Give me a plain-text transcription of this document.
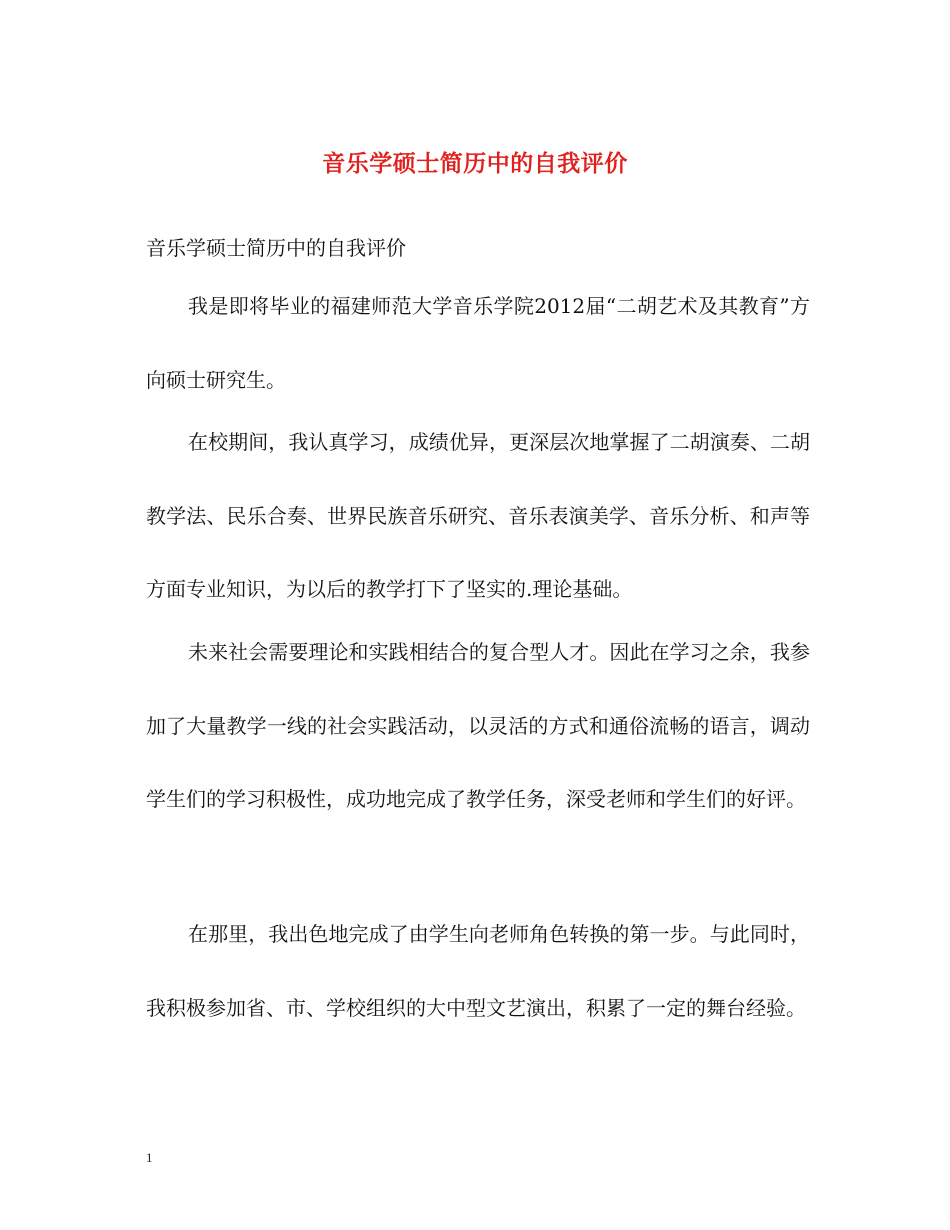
音乐学硕士简历中的自我评价
音乐学硕士简历中的自我评价

我是即将毕业的福建师范大学音乐学院2012届“二胡艺术及其教育”方向硕士研究生。

在校期间，我认真学习，成绩优异，更深层次地掌握了二胡演奏、二胡教学法、民乐合奏、世界民族音乐研究、音乐表演美学、音乐分析、和声等方面专业知识，为以后的教学打下了坚实的.理论基础。

未来社会需要理论和实践相结合的复合型人才。因此在学习之余，我参加了大量教学一线的社会实践活动，以灵活的方式和通俗流畅的语言，调动学生们的学习积极性，成功地完成了教学任务，深受老师和学生们的好评。

在那里，我出色地完成了由学生向老师角色转换的第一步。与此同时，我积极参加省、市、学校组织的大中型文艺演出，积累了一定的舞台经验。

1
